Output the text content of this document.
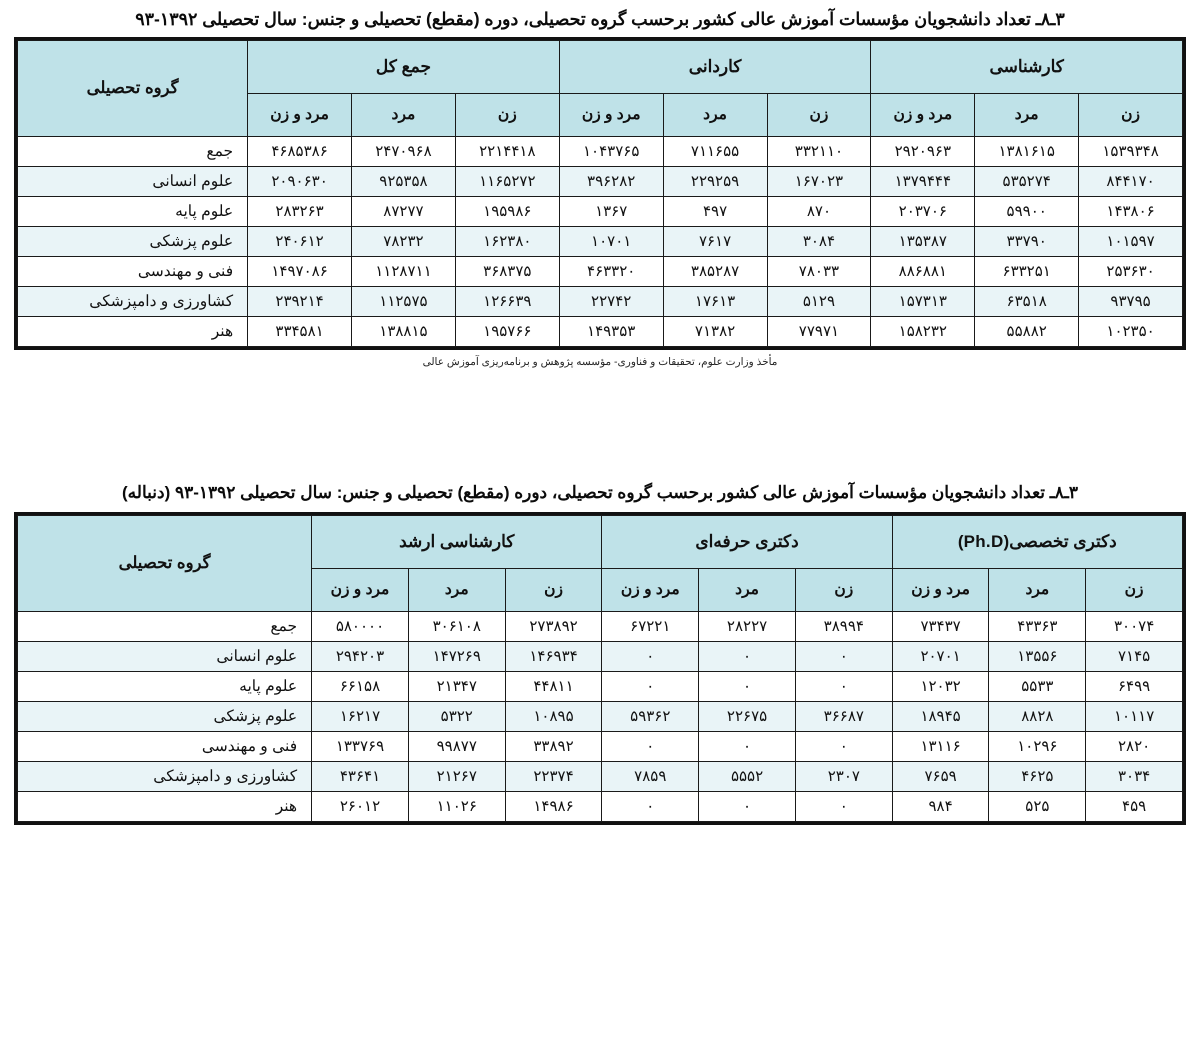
۳ـ۸ـ تعداد دانشجویان مؤسسات آموزش عالی کشور برحسب گروه تحصیلی، دوره (مقطع) تحصیلی و جنس: سال تحصیلی ۱۳۹۲-۹۳
کارشناسی			کاردانی			جمع کل			گروه تحصیلی
زن	مرد	مرد و زن	زن	مرد	مرد و زن	زن	مرد	مرد و زن	
۱۵۳۹۳۴۸	۱۳۸۱۶۱۵	۲۹۲۰۹۶۳	۳۳۲۱۱۰	۷۱۱۶۵۵	۱۰۴۳۷۶۵	۲۲۱۴۴۱۸	۲۴۷۰۹۶۸	۴۶۸۵۳۸۶	جمع
۸۴۴۱۷۰	۵۳۵۲۷۴	۱۳۷۹۴۴۴	۱۶۷۰۲۳	۲۲۹۲۵۹	۳۹۶۲۸۲	۱۱۶۵۲۷۲	۹۲۵۳۵۸	۲۰۹۰۶۳۰	علوم انسانی
۱۴۳۸۰۶	۵۹۹۰۰	۲۰۳۷۰۶	۸۷۰	۴۹۷	۱۳۶۷	۱۹۵۹۸۶	۸۷۲۷۷	۲۸۳۲۶۳	علوم پایه
۱۰۱۵۹۷	۳۳۷۹۰	۱۳۵۳۸۷	۳۰۸۴	۷۶۱۷	۱۰۷۰۱	۱۶۲۳۸۰	۷۸۲۳۲	۲۴۰۶۱۲	علوم پزشکی
۲۵۳۶۳۰	۶۳۳۲۵۱	۸۸۶۸۸۱	۷۸۰۳۳	۳۸۵۲۸۷	۴۶۳۳۲۰	۳۶۸۳۷۵	۱۱۲۸۷۱۱	۱۴۹۷۰۸۶	فنی و مهندسی
۹۳۷۹۵	۶۳۵۱۸	۱۵۷۳۱۳	۵۱۲۹	۱۷۶۱۳	۲۲۷۴۲	۱۲۶۶۳۹	۱۱۲۵۷۵	۲۳۹۲۱۴	کشاورزی و دامپزشکی
۱۰۲۳۵۰	۵۵۸۸۲	۱۵۸۲۳۲	۷۷۹۷۱	۷۱۳۸۲	۱۴۹۳۵۳	۱۹۵۷۶۶	۱۳۸۸۱۵	۳۳۴۵۸۱	هنر
مأخذ وزارت علوم، تحقیقات و فناوری- مؤسسه پژوهش و برنامه‌ریزی آموزش عالی
۳ـ۸ـ تعداد دانشجویان مؤسسات آموزش عالی کشور برحسب گروه تحصیلی، دوره (مقطع) تحصیلی و جنس: سال تحصیلی ۱۳۹۲-۹۳ (دنباله)
دکتری تخصصی(Ph.D)			دکتری حرفه‌ای			کارشناسی ارشد			گروه تحصیلی
زن	مرد	مرد و زن	زن	مرد	مرد و زن	زن	مرد	مرد و زن	
۳۰۰۷۴	۴۳۳۶۳	۷۳۴۳۷	۳۸۹۹۴	۲۸۲۲۷	۶۷۲۲۱	۲۷۳۸۹۲	۳۰۶۱۰۸	۵۸۰۰۰۰	جمع
۷۱۴۵	۱۳۵۵۶	۲۰۷۰۱	۰	۰	۰	۱۴۶۹۳۴	۱۴۷۲۶۹	۲۹۴۲۰۳	علوم انسانی
۶۴۹۹	۵۵۳۳	۱۲۰۳۲	۰	۰	۰	۴۴۸۱۱	۲۱۳۴۷	۶۶۱۵۸	علوم پایه
۱۰۱۱۷	۸۸۲۸	۱۸۹۴۵	۳۶۶۸۷	۲۲۶۷۵	۵۹۳۶۲	۱۰۸۹۵	۵۳۲۲	۱۶۲۱۷	علوم پزشکی
۲۸۲۰	۱۰۲۹۶	۱۳۱۱۶	۰	۰	۰	۳۳۸۹۲	۹۹۸۷۷	۱۳۳۷۶۹	فنی و مهندسی
۳۰۳۴	۴۶۲۵	۷۶۵۹	۲۳۰۷	۵۵۵۲	۷۸۵۹	۲۲۳۷۴	۲۱۲۶۷	۴۳۶۴۱	کشاورزی و دامپزشکی
۴۵۹	۵۲۵	۹۸۴	۰	۰	۰	۱۴۹۸۶	۱۱۰۲۶	۲۶۰۱۲	هنر
